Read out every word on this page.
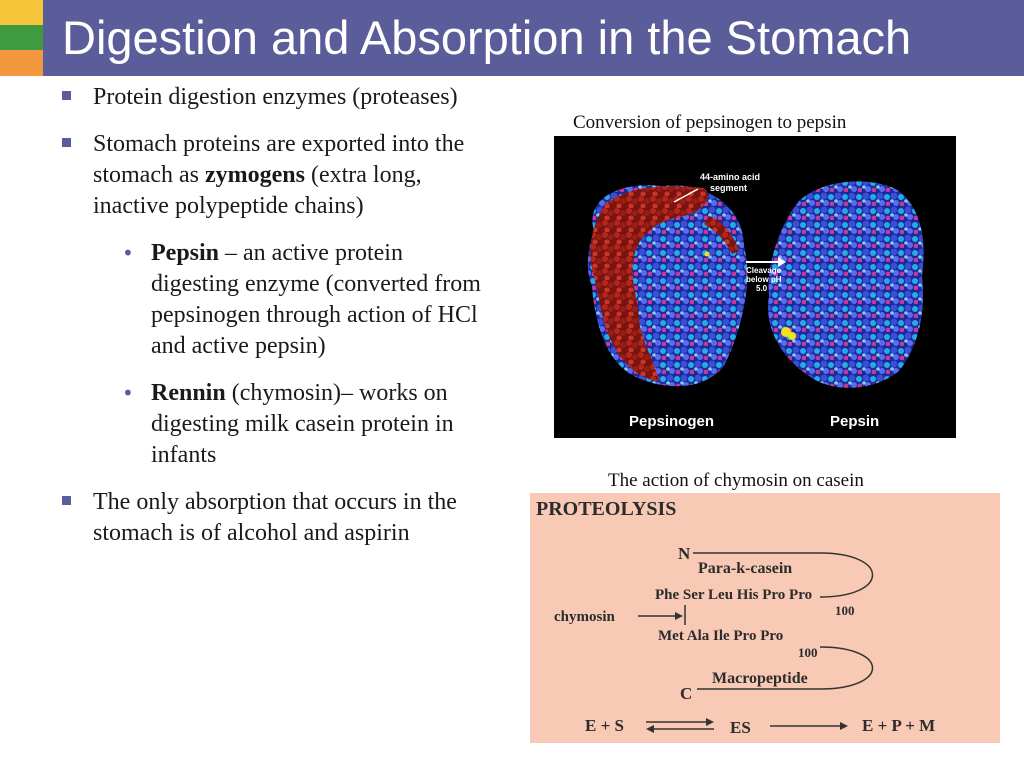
Digestion and Absorption in the Stomach
Protein digestion enzymes (proteases)
Stomach proteins are exported into the stomach as zymogens (extra long, inactive polypeptide chains)
• Pepsin – an active protein digesting enzyme (converted from pepsinogen through action of HCl and active pepsin)
• Rennin (chymosin)– works on digesting milk casein protein in infants
The only absorption that occurs in the stomach is of alcohol and aspirin
Conversion of pepsinogen to pepsin
44-amino acid
segment
Cleavage
below pH
5.0
Pepsinogen	Pepsin
The action of chymosin on casein
PROTEOLYSIS
N
Para-k-casein
Phe Ser Leu His Pro Pro
100
chymosin
Met Ala Ile Pro Pro
100
Macropeptide
C
E + S	ES	E + P + M
